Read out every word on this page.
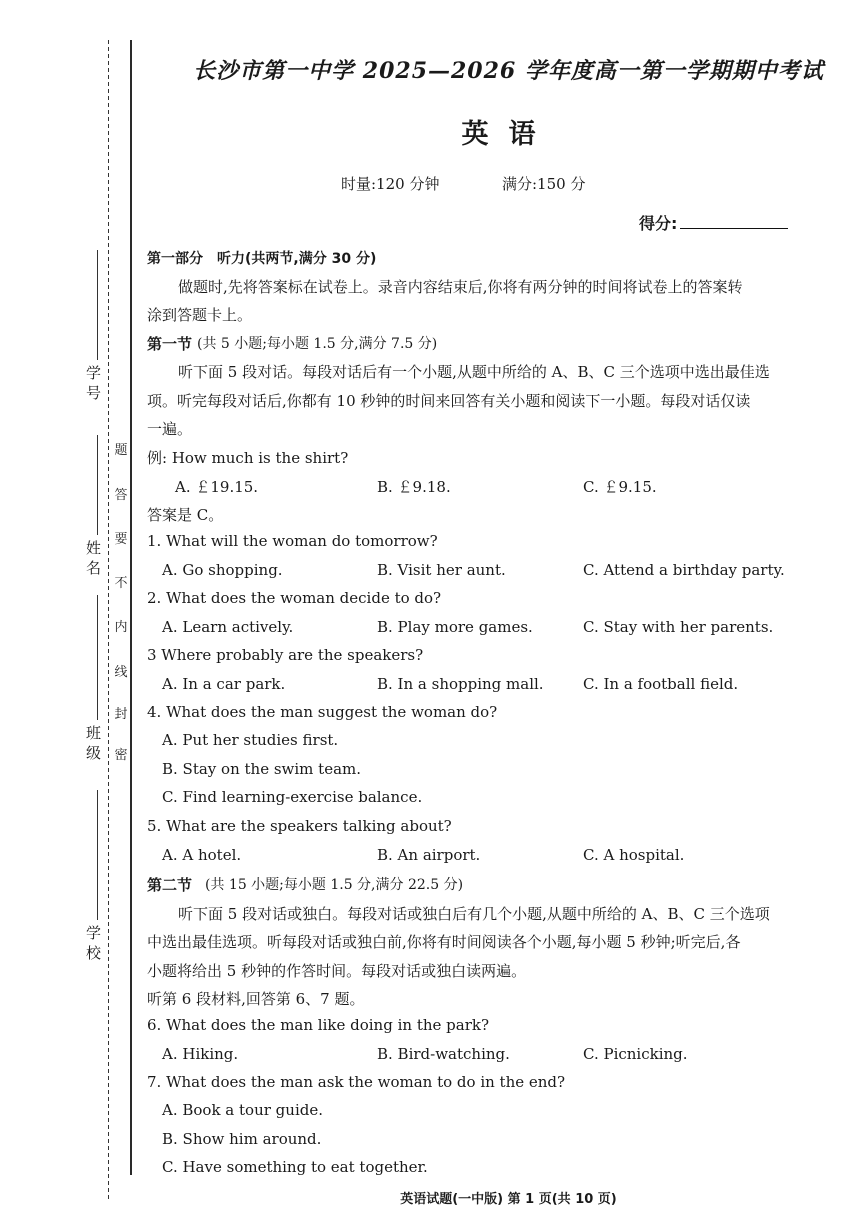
学 校
班 级
姓 名
学 号
密
封
线
内
不
要
答
题
长沙市第一中学 2025—2026 学年度高一第一学期期中考试
英语
时量:120 分钟	满分:150 分
得分:
第一部分　听力(共两节,满分 30 分)
做题时,先将答案标在试卷上。录音内容结束后,你将有两分钟的时间将试卷上的答案转
涂到答题卡上。
第一节 (共 5 小题;每小题 1.5 分,满分 7.5 分)
听下面 5 段对话。每段对话后有一个小题,从题中所给的 A、B、C 三个选项中选出最佳选
项。听完每段对话后,你都有 10 秒钟的时间来回答有关小题和阅读下一小题。每段对话仅读
一遍。
例: How much is the shirt?
A. ￡19.15.	B. ￡9.18.	C. ￡9.15.
答案是 C。
1. What will the woman do tomorrow?
A. Go shopping.	B. Visit her aunt.	C. Attend a birthday party.
2. What does the woman decide to do?
A. Learn actively.	B. Play more games.	C. Stay with her parents.
3 Where probably are the speakers?
A. In a car park.	B. In a shopping mall.	C. In a football field.
4. What does the man suggest the woman do?
A. Put her studies first.
B. Stay on the swim team.
C. Find learning-exercise balance.
5. What are the speakers talking about?
A. A hotel.	B. An airport.	C. A hospital.
第二节 (共 15 小题;每小题 1.5 分,满分 22.5 分)
听下面 5 段对话或独白。每段对话或独白后有几个小题,从题中所给的 A、B、C 三个选项
中选出最佳选项。听每段对话或独白前,你将有时间阅读各个小题,每小题 5 秒钟;听完后,各
小题将给出 5 秒钟的作答时间。每段对话或独白读两遍。
听第 6 段材料,回答第 6、7 题。
6. What does the man like doing in the park?
A. Hiking.	B. Bird-watching.	C. Picnicking.
7. What does the man ask the woman to do in the end?
A. Book a tour guide.
B. Show him around.
C. Have something to eat together.
英语试题(一中版) 第 1 页(共 10 页)
